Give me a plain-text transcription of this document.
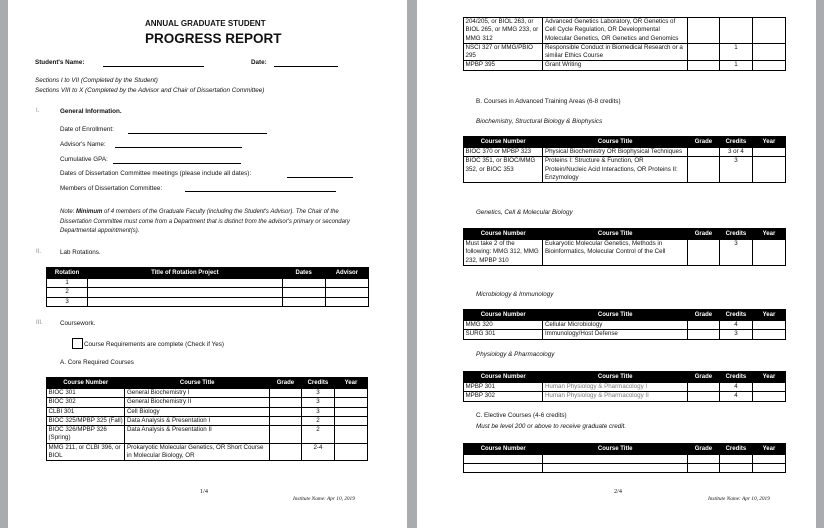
ANNUAL GRADUATE STUDENT
PROGRESS REPORT
Student's Name:	Date:
Sections I to VII (Completed by the Student)
Sections VIII to X (Completed by the Advisor and Chair of Dissertation Committee)
I.	General Information.
Date of Enrollment:
Advisor's Name:
Cumulative GPA:
Dates of Dissertation Committee meetings (please include all dates):
Members of Dissertation Committee:
Note: Minimum of 4 members of the Graduate Faculty (including the Student's Advisor). The Chair of the Dissertation Committee must come from a Department that is distinct from the advisor's primary or secondary Departmental appointment(s).
II.	Lab Rotations.
Rotation	Title of Rotation Project	Dates	Advisor
1			
2			
3			
III.	Coursework.
Course Requirements are complete (Check if Yes)
A. Core Required Courses
Course Number	Course Title	Grade	Credits	Year
BIOC 301	General Biochemistry I		3	
BIOC 302	General Biochemistry II		3	
CLBI 301	Cell Biology		3	
BIOC 325/MPBP 325 (Fall)	Data Analysis & Presentation I		2	
BIOC 326/MPBP 326 (Spring)	Data Analysis & Presentation II		2	
MMG 211, or CLBI 396, or BIOL	Prokaryotic Molecular Genetics, OR Short Course in Molecular Biology, OR		2-4	
1/4
Institute Name: Apr 10, 2019
204/205, or BIOL 263, or BIOL 265, or MMG 233, or MMG 312	Advanced Genetics Laboratory, OR Genetics of Cell Cycle Regulation, OR Developmental Molecular Genetics, OR Genetics and Genomics			
NSCI 327 or MMG/PBIO 295	Responsible Conduct in Biomedical Research or a similar Ethics Course		1	
MPBP 395	Grant Writing		1	
B. Courses in Advanced Training Areas (6-8 credits)
Biochemistry, Structural Biology & Biophysics
Course Number	Course Title	Grade	Credits	Year
BIOC 370 or MPBP 323	Physical Biochemistry OR Biophysical Techniques		3 or 4	
BIOC 351, or BIOC/MMG 352, or BIOC 353	Proteins I: Structure & Function, OR Protein/Nucleic Acid Interactions, OR Proteins II: Enzymology		3	
Genetics, Cell & Molecular Biology
Course Number	Course Title	Grade	Credits	Year
Must take 2 of the following: MMG 312, MMG 232, MPBP 310	Eukaryotic Molecular Genetics, Methods in Bioinformatics, Molecular Control of the Cell		3	
Microbiology & Immunology
Course Number	Course Title	Grade	Credits	Year
MMG 320	Cellular Microbiology		4	
SURG 301	Immunology/Host Defense		3	
Physiology & Pharmacology
Course Number	Course Title	Grade	Credits	Year
MPBP 301	Human Physiology & Pharmacology I		4	
MPBP 302	Human Physiology & Pharmacology II		4	
C. Elective Courses (4-6 credits)
Must be level 200 or above to receive graduate credit.
Course Number	Course Title	Grade	Credits	Year

2/4
Institute Name: Apr 10, 2019
